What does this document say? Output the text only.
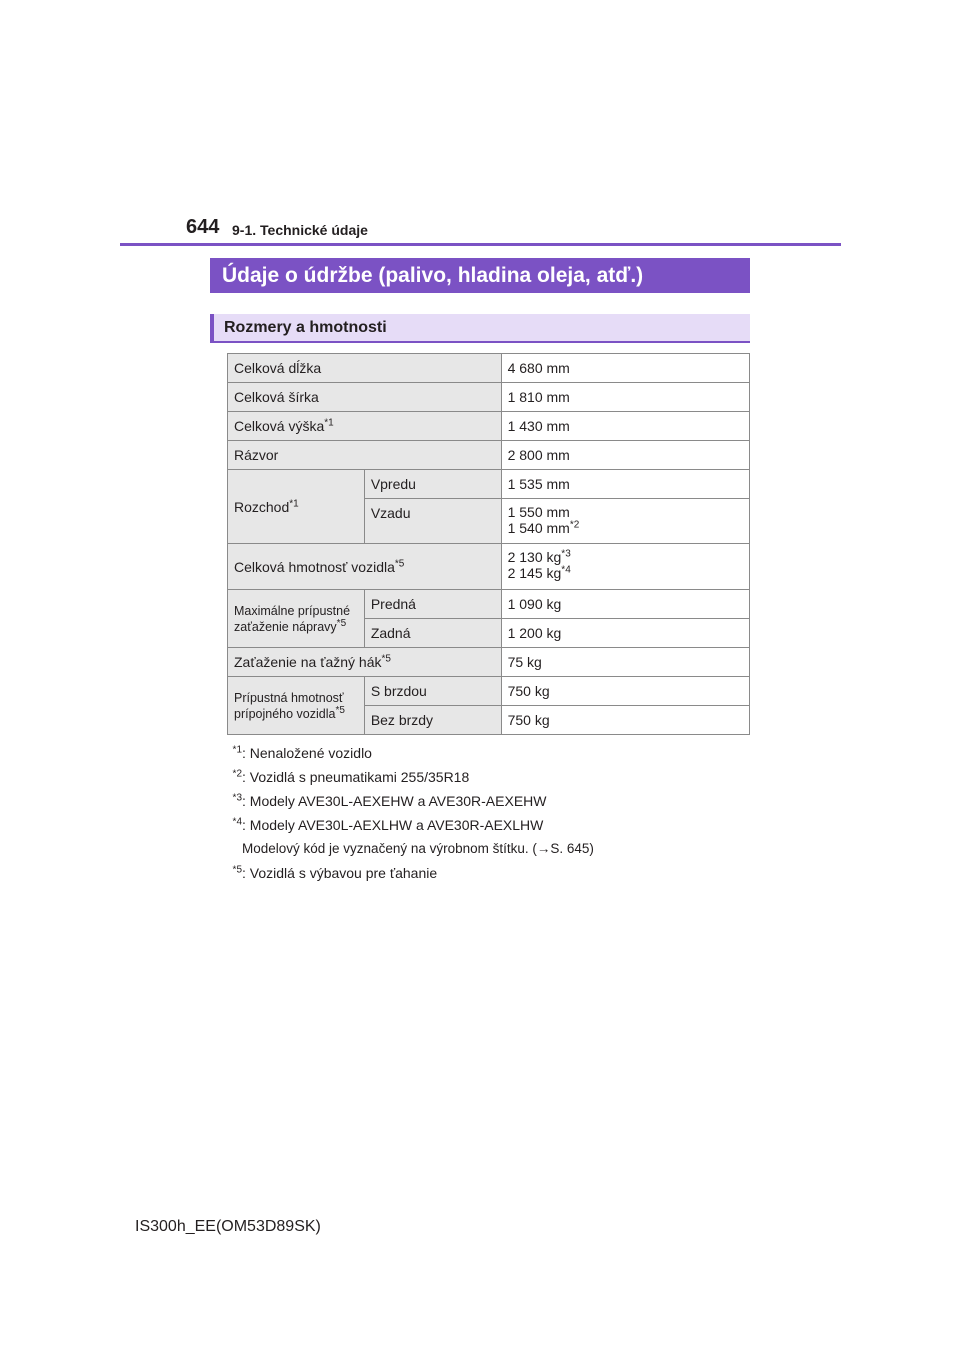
644 9-1. Technické údaje
Údaje o údržbe (palivo, hladina oleja, atď.)
Rozmery a hmotnosti
Celková dĺžka		4 680 mm
Celková šírka		1 810 mm
Celková výška$^{*1}$		1 430 mm
Rázvor		2 800 mm
Rozchod$^{*1}$	Vpredu	1 535 mm
	Vzadu	1 550 mm
1 540 $mm^{*2}$

Celková hmotnosť vozidla$^{*5}$		2 130 $kg^{*3}$
2 145 $kg^{*4}$

Maximálne prípustné
zaťaženie nápravy$^{*5}$	Predná	1 090 kg
	Zadná	1 200 kg
Zaťaženie na ťažný hák$^{*5}$		75 kg

Prípustná hmotnosť
prípojného vozidla$^{*5}$	S brzdou	750 kg
	Bez brzdy	750 kg
$^{*1}$: Nenaložené vozidlo
$^{*2}$: Vozidlá s pneumatikami 255/35R18
$^{*3}$: Modely AVE30L-AEXEHW a AVE30R-AEXEHW
$^{*4}$: Modely AVE30L-AEXLHW a AVE30R-AEXLHW
Modelový kód je vyznačený na výrobnom štítku. (→S. 645)
$^{*5}$: Vozidlá s výbavou pre ťahanie
IS300h_EE(OM53D89SK)
